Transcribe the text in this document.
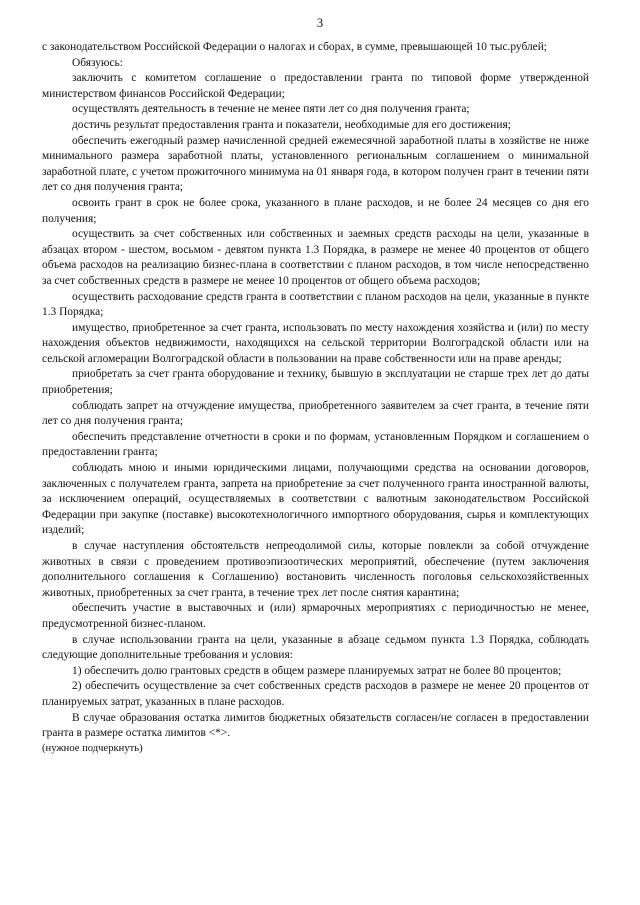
3

с законодательством Российской Федерации о налогах и сборах, в сумме, превышающей 10 тыс.рублей;

Обязуюсь:

заключить с комитетом соглашение о предоставлении гранта по типовой форме утвержденной министерством финансов Российской Федерации;

осуществлять деятельность в течение не менее пяти лет со дня получения гранта;

достичь результат предоставления гранта и показатели, необходимые для его достижения;

обеспечить ежегодный размер начисленной средней ежемесячной заработной платы в хозяйстве не ниже минимального размера заработной платы, установленного региональным соглашением о минимальной заработной плате, с учетом прожиточного минимума на 01 января года, в котором получен грант в течении пяти лет со дня получения гранта;

освоить грант в срок не более срока, указанного в плане расходов, и не более 24 месяцев со дня его получения;

осуществить за счет собственных или собственных и заемных средств расходы на цели, указанные в абзацах втором - шестом, восьмом - девятом пункта 1.3 Порядка, в размере не менее 40 процентов от общего объема расходов на реализацию бизнес-плана в соответствии с планом расходов, в том числе непосредственно за счет собственных средств в размере не менее 10 процентов от общего объема расходов;

осуществить расходование средств гранта в соответствии с планом расходов на цели, указанные в пункте 1.3 Порядка;

имущество, приобретенное за счет гранта, использовать по месту нахождения хозяйства и (или) по месту нахождения объектов недвижимости, находящихся на сельской территории Волгоградской области или на сельской агломерации Волгоградской области в пользовании на праве собственности или на праве аренды;

приобретать за счет гранта оборудование и технику, бывшую в эксплуатации не старше трех лет до даты приобретения;

соблюдать запрет на отчуждение имущества, приобретенного заявителем за счет гранта, в течение пяти лет со дня получения гранта;

обеспечить представление отчетности в сроки и по формам, установленным Порядком и соглашением о предоставлении гранта;

соблюдать мною и иными юридическими лицами, получающими средства на основании договоров, заключенных с получателем гранта, запрета на приобретение за счет полученного гранта иностранной валюты, за исключением операций, осуществляемых в соответствии с валютным законодательством Российской Федерации при закупке (поставке) высокотехнологичного импортного оборудования, сырья и комплектующих изделий;

в случае наступления обстоятельств непреодолимой силы, которые повлекли за собой отчуждение животных в связи с проведением противоэпизоотических мероприятий, обеспечение (путем заключения дополнительного соглашения к Соглашению) востановить численность поголовья сельскохозяйственных животных, приобретенных за счет гранта, в течение трех лет после снятия карантина;

обеспечить участие в выставочных и (или) ярмарочных мероприятиях с периодичностью не менее, предусмотренной бизнес-планом.

в случае использовании гранта на цели, указанные в абзаце седьмом пункта 1.3 Порядка, соблюдать следующие дополнительные требования и условия:

1) обеспечить долю грантовых средств в общем размере планируемых затрат не более 80 процентов;

2) обеспечить осуществление за счет собственных средств расходов в размере не менее 20 процентов от планируемых затрат, указанных в плане расходов.

В случае образования остатка лимитов бюджетных обязательств согласен/не согласен в предоставлении гранта в размере остатка лимитов <*>.

(нужное подчеркнуть)
